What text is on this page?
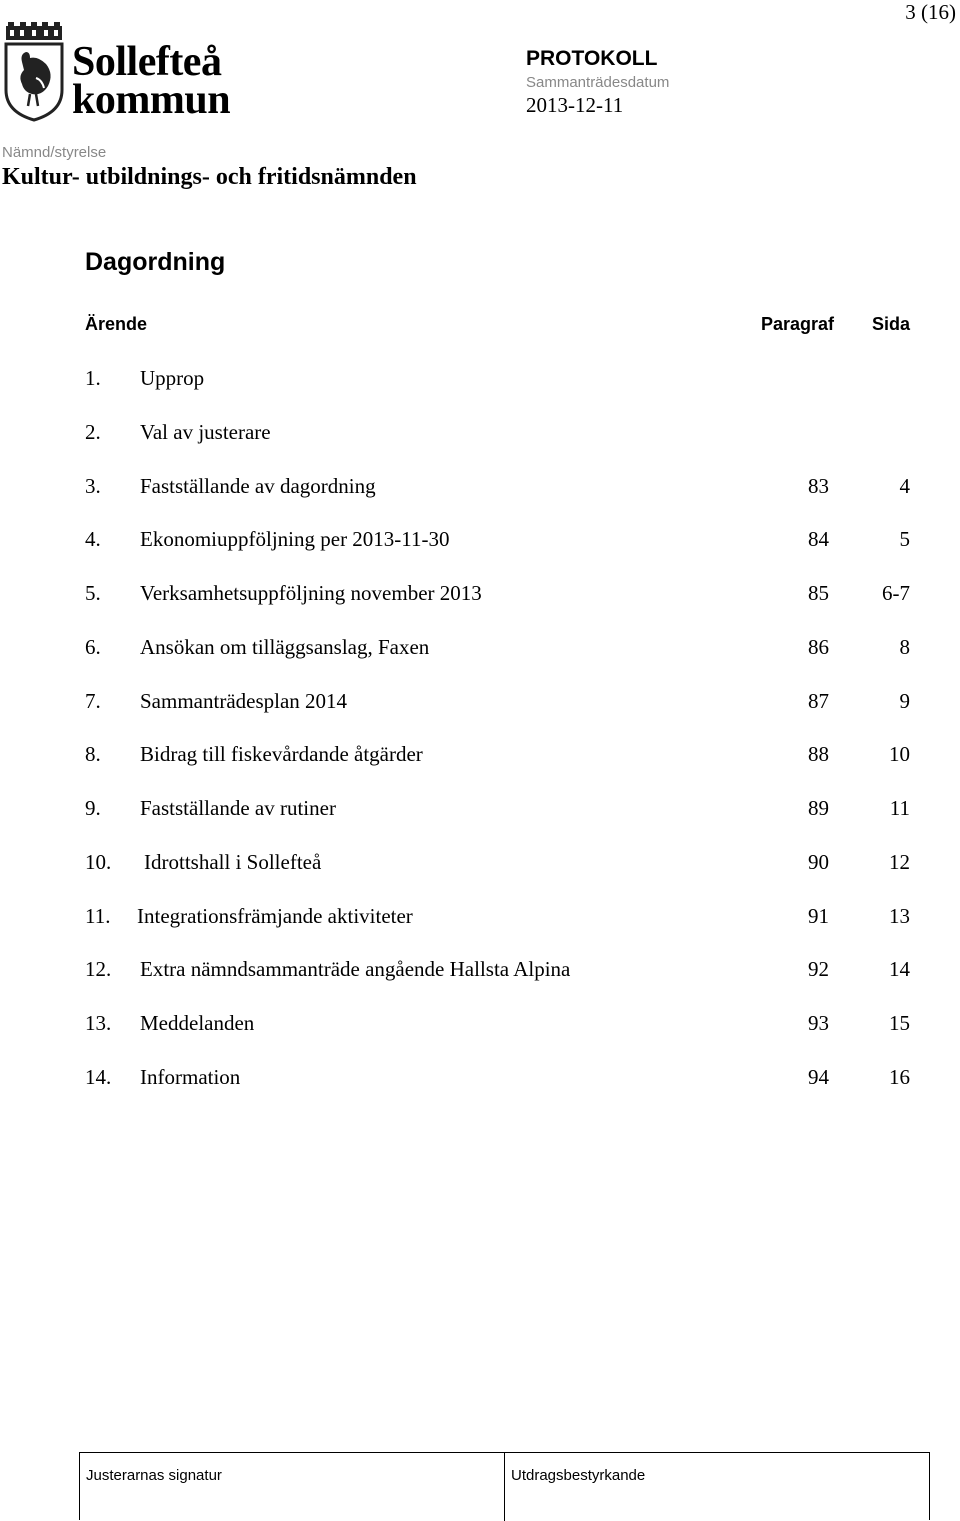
3 (16)
Sollefteå
kommun
PROTOKOLL
Sammanträdesdatum
2013-12-11
Nämnd/styrelse
Kultur- utbildnings- och fritidsnämnden
Dagordning
Ärende	Paragraf Sida
1. Upprop
2. Val av justerare
3. Fastställande av dagordning	83	4
4. Ekonomiuppföljning per 2013-11-30	84	5
5. Verksamhetsuppföljning november 2013	85	6-7
6. Ansökan om tilläggsanslag, Faxen	86	8
7. Sammanträdesplan 2014	87	9
8. Bidrag till fiskevårdande åtgärder	88	10
9. Fastställande av rutiner	89	11
10. Idrottshall i Sollefteå	90	12
11. Integrationsfrämjande aktiviteter	91	13
12. Extra nämndsammanträde angående Hallsta Alpina	92	14
13. Meddelanden	93	15
14. Information	94	16
Justerarnas signatur	Utdragsbestyrkande
